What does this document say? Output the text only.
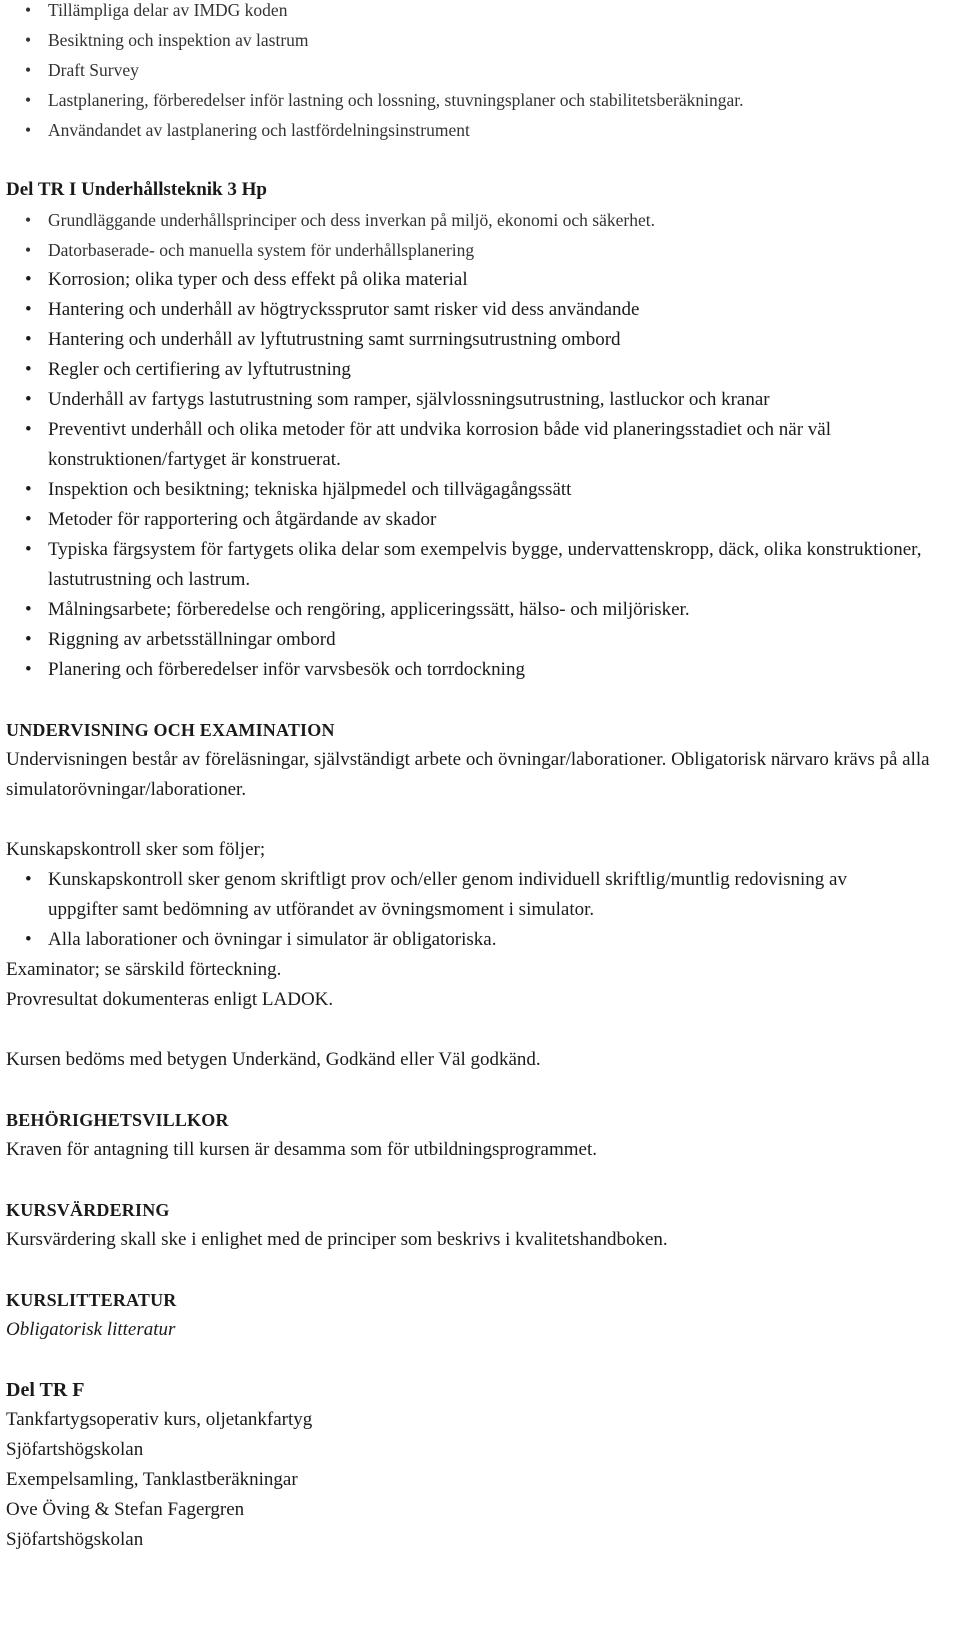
• Tillämpliga delar av IMDG koden
• Besiktning och inspektion av lastrum
• Draft Survey
• Lastplanering, förberedelser inför lastning och lossning, stuvningsplaner och stabilitetsberäkningar.
• Användandet av lastplanering och lastfördelningsinstrument
Del TR I Underhållsteknik 3 Hp
• Grundläggande underhållsprinciper och dess inverkan på miljö, ekonomi och säkerhet.
• Datorbaserade- och manuella system för underhållsplanering
• Korrosion; olika typer och dess effekt på olika material
• Hantering och underhåll av högtryckssprutor samt risker vid dess användande
• Hantering och underhåll av lyftutrustning samt surrningsutrustning ombord
• Regler och certifiering av lyftutrustning
• Underhåll av fartygs lastutrustning som ramper, självlossningsutrustning, lastluckor och kranar
• Preventivt underhåll och olika metoder för att undvika korrosion både vid planeringsstadiet och när väl konstruktionen/fartyget är konstruerat.
• Inspektion och besiktning; tekniska hjälpmedel och tillvägagångssätt
• Metoder för rapportering och åtgärdande av skador
• Typiska färgsystem för fartygets olika delar som exempelvis bygge, undervattenskropp, däck, olika konstruktioner, lastutrustning och lastrum.
• Målningsarbete; förberedelse och rengöring, appliceringssätt, hälso- och miljörisker.
• Riggning av arbetsställningar ombord
• Planering och förberedelser inför varvsbesök och torrdockning
UNDERVISNING OCH EXAMINATION

Undervisningen består av föreläsningar, självständigt arbete och övningar/laborationer. Obligatorisk närvaro krävs på alla simulatorövningar/laborationer.

Kunskapskontroll sker som följer;
• Kunskapskontroll sker genom skriftligt prov och/eller genom individuell skriftlig/muntlig redovisning av uppgifter samt bedömning av utförandet av övningsmoment i simulator.
• Alla laborationer och övningar i simulator är obligatoriska.
Examinator; se särskild förteckning.
Provresultat dokumenteras enligt LADOK.
Kursen bedöms med betygen Underkänd, Godkänd eller Väl godkänd.
BEHÖRIGHETSVILLKOR
Kraven för antagning till kursen är desamma som för utbildningsprogrammet.
KURSVÄRDERING
Kursvärdering skall ske i enlighet med de principer som beskrivs i kvalitetshandboken.
KURSLITTERATUR
Obligatorisk litteratur
Del TR F
Tankfartygsoperativ kurs, oljetankfartyg
Sjöfartshögskolan
Exempelsamling, Tanklastberäkningar
Ove Öving & Stefan Fagergren
Sjöfartshögskolan
